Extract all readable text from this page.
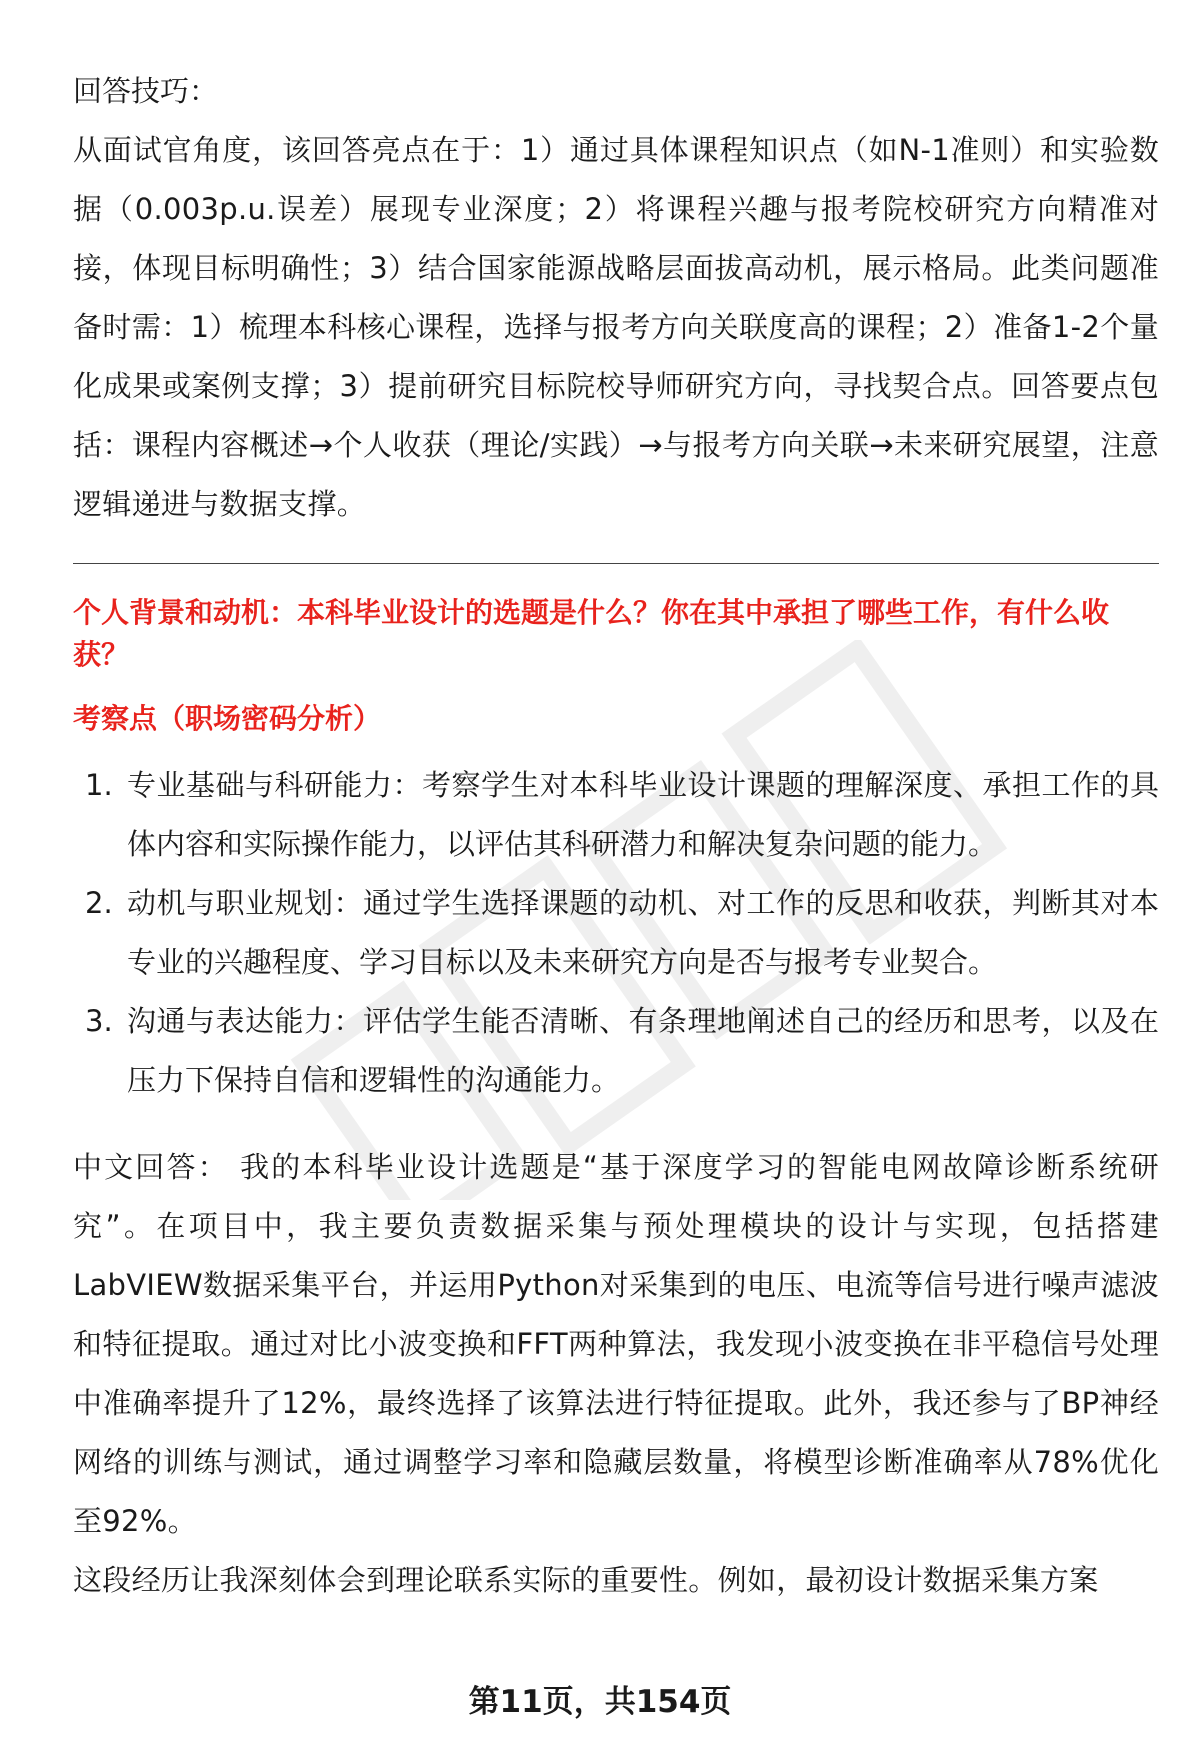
回答技巧：

从面试官角度，该回答亮点在于：1）通过具体课程知识点（如N-1准则）和实验数据（0.003p.u.误差）展现专业深度；2）将课程兴趣与报考院校研究方向精准对接，体现目标明确性；3）结合国家能源战略层面拔高动机，展示格局。此类问题准备时需：1）梳理本科核心课程，选择与报考方向关联度高的课程；2）准备1-2个量化成果或案例支撑；3）提前研究目标院校导师研究方向，寻找契合点。回答要点包括：课程内容概述→个人收获（理论/实践）→与报考方向关联→未来研究展望，注意逻辑递进与数据支撑。

个人背景和动机：本科毕业设计的选题是什么？你在其中承担了哪些工作，有什么收获？

考察点（职场密码分析）

1. 专业基础与科研能力：考察学生对本科毕业设计课题的理解深度、承担工作的具体内容和实际操作能力，以评估其科研潜力和解决复杂问题的能力。
2. 动机与职业规划：通过学生选择课题的动机、对工作的反思和收获，判断其对本专业的兴趣程度、学习目标以及未来研究方向是否与报考专业契合。
3. 沟通与表达能力：评估学生能否清晰、有条理地阐述自己的经历和思考，以及在压力下保持自信和逻辑性的沟通能力。

中文回答： 我的本科毕业设计选题是“基于深度学习的智能电网故障诊断系统研究”。在项目中，我主要负责数据采集与预处理模块的设计与实现，包括搭建LabVIEW数据采集平台，并运用Python对采集到的电压、电流等信号进行噪声滤波和特征提取。通过对比小波变换和FFT两种算法，我发现小波变换在非平稳信号处理中准确率提升了12%，最终选择了该算法进行特征提取。此外，我还参与了BP神经网络的训练与测试，通过调整学习率和隐藏层数量，将模型诊断准确率从78%优化至92%。

这段经历让我深刻体会到理论联系实际的重要性。例如，最初设计数据采集方案

第11页，共154页
